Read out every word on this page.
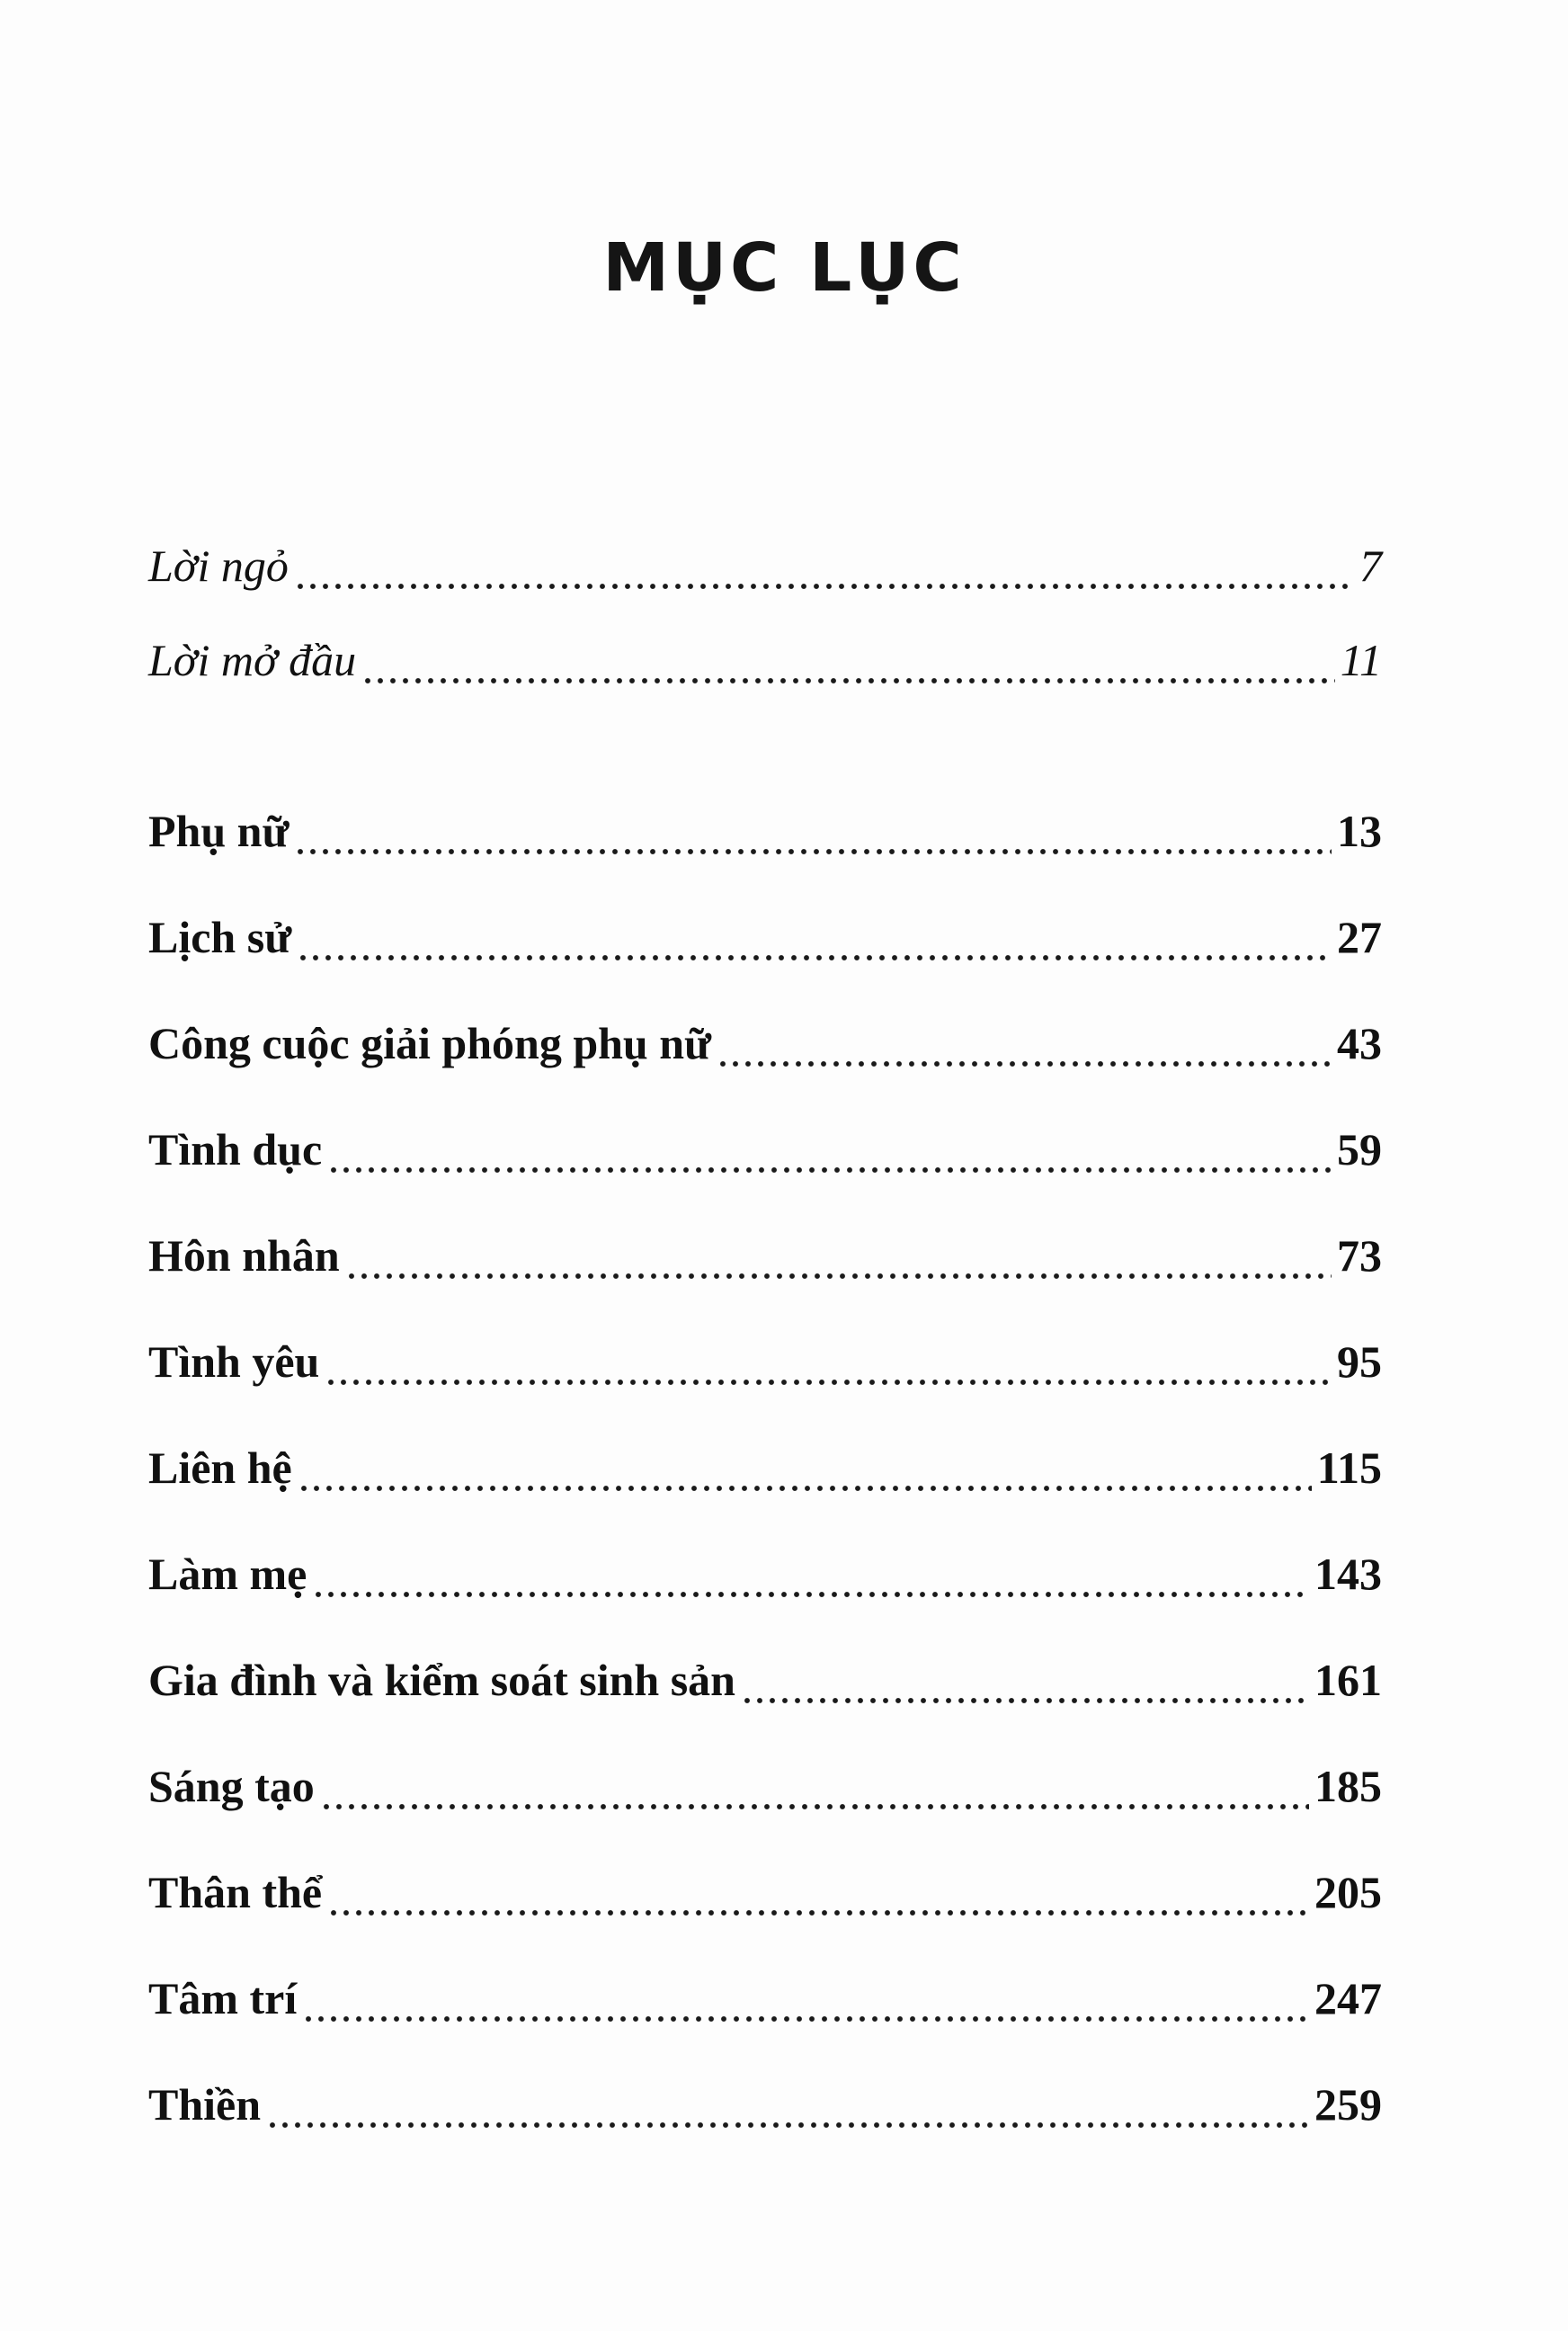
MỤC LỤC
Lời ngỏ	7
Lời mở đầu	11
Phụ nữ	13
Lịch sử	27
Công cuộc giải phóng phụ nữ	43
Tình dục	59
Hôn nhân	73
Tình yêu	95
Liên hệ	115
Làm mẹ	143
Gia đình và kiểm soát sinh sản	161
Sáng tạo	185
Thân thể	205
Tâm trí	247
Thiền	259
